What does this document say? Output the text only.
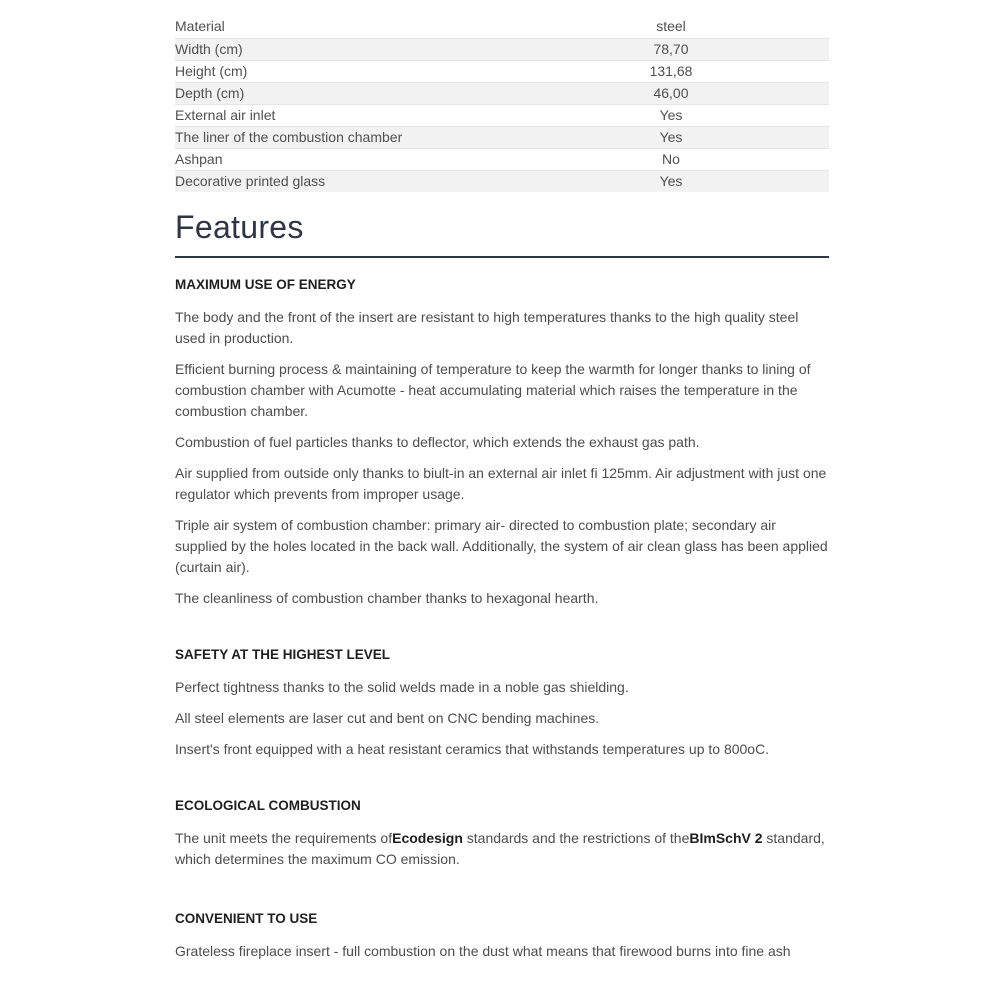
Material	steel
Width (cm)	78,70
Height (cm)	131,68
Depth (cm)	46,00
External air inlet	Yes
The liner of the combustion chamber	Yes
Ashpan	No
Decorative printed glass	Yes
Features
MAXIMUM USE OF ENERGY

The body and the front of the insert are resistant to high temperatures thanks to the high quality steel used in production.

Efficient burning process & maintaining of temperature to keep the warmth for longer thanks to lining of combustion chamber with Acumotte - heat accumulating material which raises the temperature in the combustion chamber.

Combustion of fuel particles thanks to deflector, which extends the exhaust gas path.

Air supplied from outside only thanks to biult-in an external air inlet fi 125mm. Air adjustment with just one regulator which prevents from improper usage.

Triple air system of combustion chamber: primary air- directed to combustion plate; secondary air supplied by the holes located in the back wall. Additionally, the system of air clean glass has been applied (curtain air).

The cleanliness of combustion chamber thanks to hexagonal hearth.

SAFETY AT THE HIGHEST LEVEL

Perfect tightness thanks to the solid welds made in a noble gas shielding.

All steel elements are laser cut and bent on CNC bending machines.

Insert's front equipped with a heat resistant ceramics that withstands temperatures up to 800oC.

ECOLOGICAL COMBUSTION

The unit meets the requirements ofEcodesign standards and the restrictions of theBImSchV 2 standard, which determines the maximum CO emission.

CONVENIENT TO USE

Grateless fireplace insert - full combustion on the dust what means that firewood burns into fine ash
